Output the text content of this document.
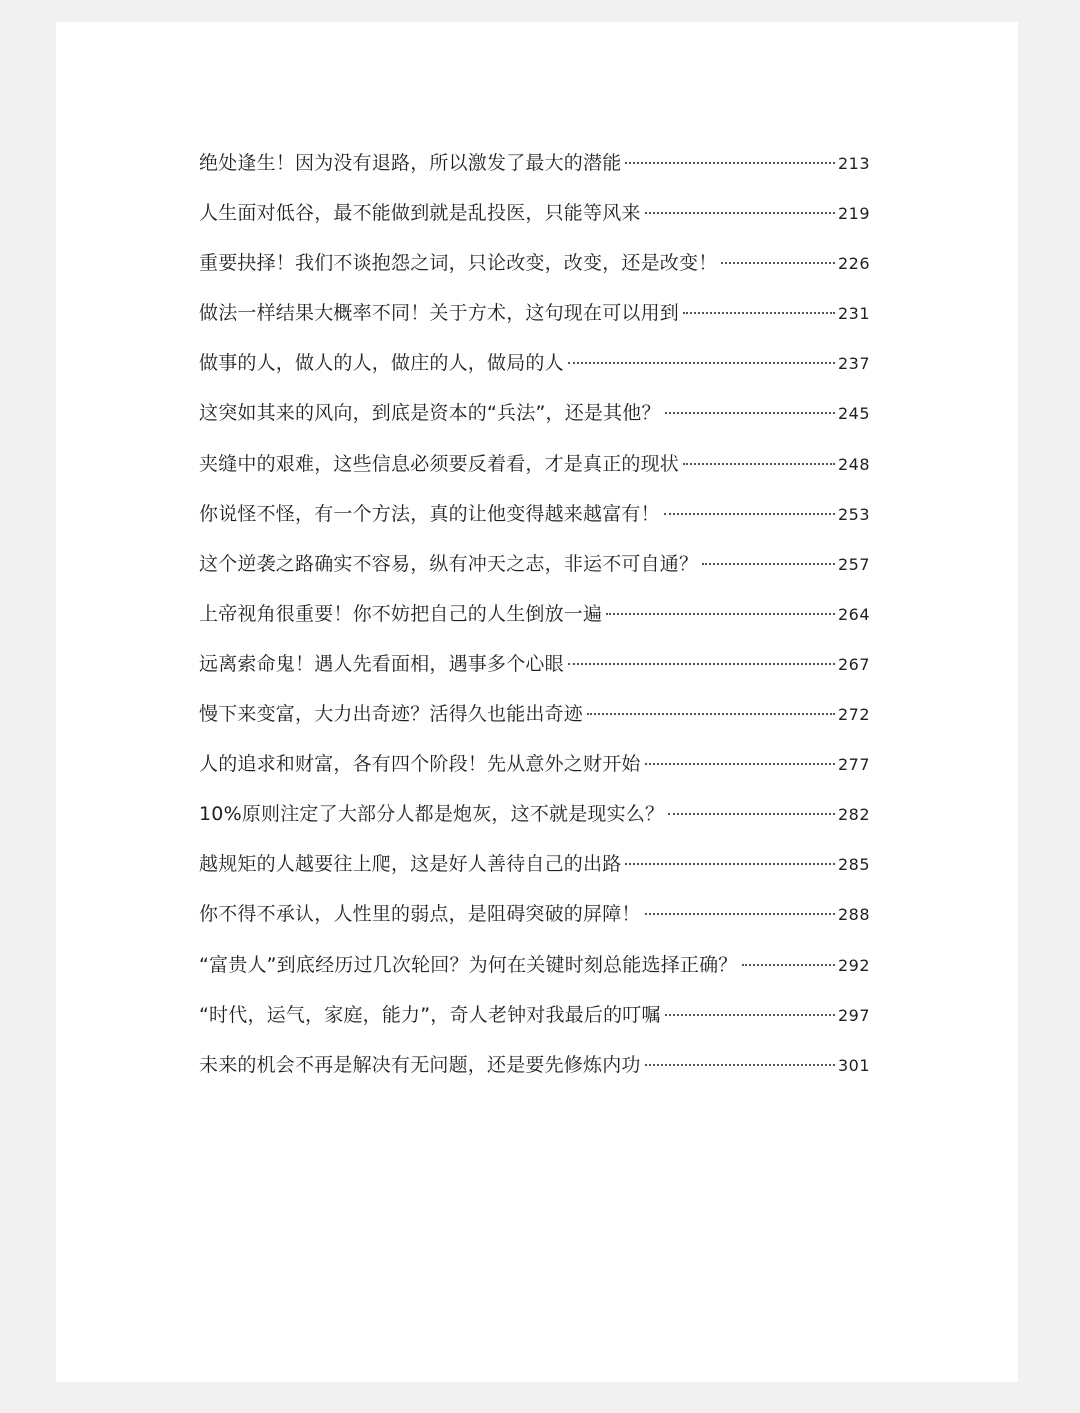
绝处逢生！因为没有退路，所以激发了最大的潜能	213
人生面对低谷，最不能做到就是乱投医，只能等风来	219
重要抉择！我们不谈抱怨之词，只论改变，改变，还是改变！	226
做法一样结果大概率不同！关于方术，这句现在可以用到	231
做事的人，做人的人，做庄的人，做局的人	237
这突如其来的风向，到底是资本的“兵法”，还是其他？	245
夹缝中的艰难，这些信息必须要反着看，才是真正的现状	248
你说怪不怪，有一个方法，真的让他变得越来越富有！	253
这个逆袭之路确实不容易，纵有冲天之志，非运不可自通？	257
上帝视角很重要！你不妨把自己的人生倒放一遍	264
远离索命鬼！遇人先看面相，遇事多个心眼	267
慢下来变富，大力出奇迹？活得久也能出奇迹	272
人的追求和财富，各有四个阶段！先从意外之财开始	277
10%原则注定了大部分人都是炮灰，这不就是现实么？	282
越规矩的人越要往上爬，这是好人善待自己的出路	285
你不得不承认，人性里的弱点，是阻碍突破的屏障！	288
“富贵人”到底经历过几次轮回？为何在关键时刻总能选择正确？	292
“时代，运气，家庭，能力”，奇人老钟对我最后的叮嘱	297
未来的机会不再是解决有无问题，还是要先修炼内功	301
